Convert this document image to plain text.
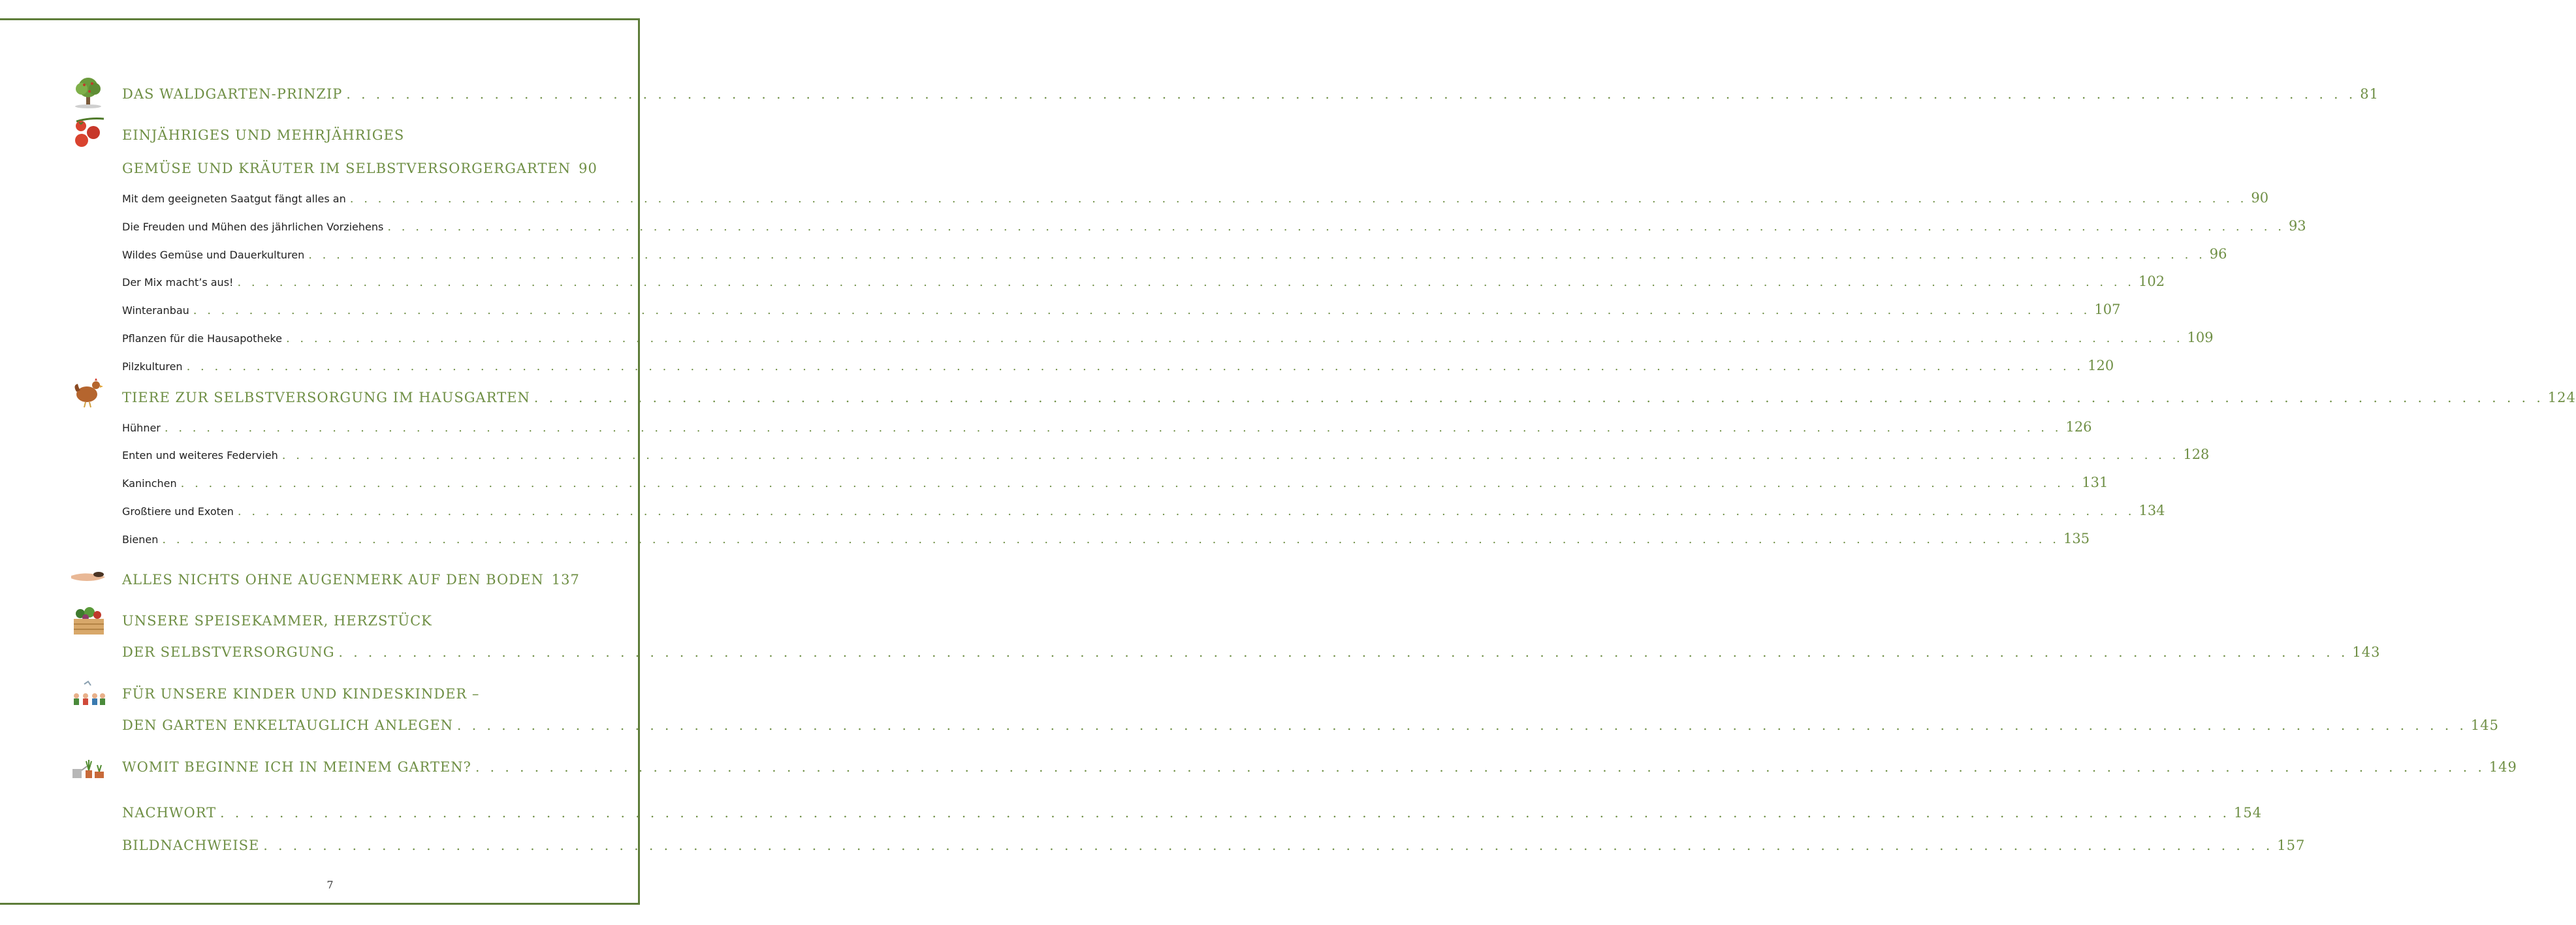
DAS WALDGARTEN-PRINZIP . . .	81
EINJÄHRIGES UND MEHRJÄHRIGES
GEMÜSE UND KRÄUTER IM SELBSTVERSORGERGARTEN 90
Mit dem geeigneten Saatgut fängt alles an . . .	90
Die Freuden und Mühen des jährlichen Vorziehens . . .	93
Wildes Gemüse und Dauerkulturen . . .	96
Der Mix macht’s aus! . . .	102
Winteranbau . . .	107
Pflanzen für die Hausapotheke . . .	109
Pilzkulturen . . .	120
TIERE ZUR SELBSTVERSORGUNG IM HAUSGARTEN . . .	124
Hühner . . .	126
Enten und weiteres Federvieh . . .	128
Kaninchen . . .	131
Großtiere und Exoten . . .	134
Bienen . . .	135
ALLES NICHTS OHNE AUGENMERK AUF DEN BODEN 137
UNSERE SPEISEKAMMER, HERZSTÜCK
DER SELBSTVERSORGUNG . . .	143
FÜR UNSERE KINDER UND KINDESKINDER –
DEN GARTEN ENKELTAUGLICH ANLEGEN . . .	145
WOMIT BEGINNE ICH IN MEINEM GARTEN? . . .	149
NACHWORT . . .	154
BILDNACHWEISE . . .	157
7
